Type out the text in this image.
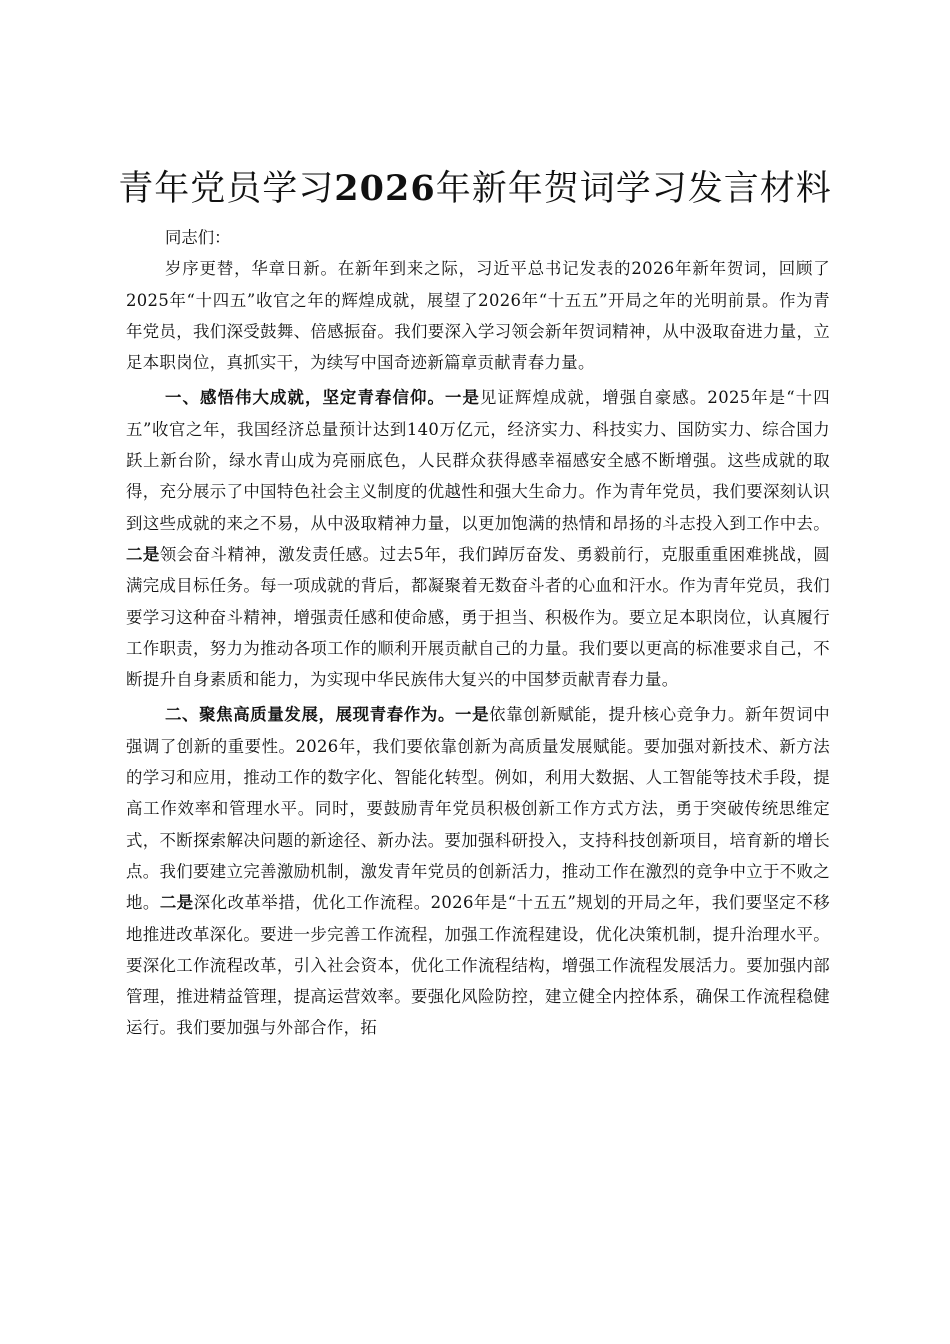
青年党员学习2026年新年贺词学习发言材料

同志们：

岁序更替，华章日新。在新年到来之际，习近平总书记发表的2026年新年贺词，回顾了2025年“十四五”收官之年的辉煌成就，展望了2026年“十五五”开局之年的光明前景。作为青年党员，我们深受鼓舞、倍感振奋。我们要深入学习领会新年贺词精神，从中汲取奋进力量，立足本职岗位，真抓实干，为续写中国奇迹新篇章贡献青春力量。

一、感悟伟大成就，坚定青春信仰。一是见证辉煌成就，增强自豪感。2025年是“十四五”收官之年，我国经济总量预计达到140万亿元，经济实力、科技实力、国防实力、综合国力跃上新台阶，绿水青山成为亮丽底色，人民群众获得感幸福感安全感不断增强。这些成就的取得，充分展示了中国特色社会主义制度的优越性和强大生命力。作为青年党员，我们要深刻认识到这些成就的来之不易，从中汲取精神力量，以更加饱满的热情和昂扬的斗志投入到工作中去。二是领会奋斗精神，激发责任感。过去5年，我们踔厉奋发、勇毅前行，克服重重困难挑战，圆满完成目标任务。每一项成就的背后，都凝聚着无数奋斗者的心血和汗水。作为青年党员，我们要学习这种奋斗精神，增强责任感和使命感，勇于担当、积极作为。要立足本职岗位，认真履行工作职责，努力为推动各项工作的顺利开展贡献自己的力量。我们要以更高的标准要求自己，不断提升自身素质和能力，为实现中华民族伟大复兴的中国梦贡献青春力量。

二、聚焦高质量发展，展现青春作为。一是依靠创新赋能，提升核心竞争力。新年贺词中强调了创新的重要性。2026年，我们要依靠创新为高质量发展赋能。要加强对新技术、新方法的学习和应用，推动工作的数字化、智能化转型。例如，利用大数据、人工智能等技术手段，提高工作效率和管理水平。同时，要鼓励青年党员积极创新工作方式方法，勇于突破传统思维定式，不断探索解决问题的新途径、新办法。要加强科研投入，支持科技创新项目，培育新的增长点。我们要建立完善激励机制，激发青年党员的创新活力，推动工作在激烈的竞争中立于不败之地。二是深化改革举措，优化工作流程。2026年是“十五五”规划的开局之年，我们要坚定不移地推进改革深化。要进一步完善工作流程，加强工作流程建设，优化决策机制，提升治理水平。要深化工作流程改革，引入社会资本，优化工作流程结构，增强工作流程发展活力。要加强内部管理，推进精益管理，提高运营效率。要强化风险防控，建立健全内控体系，确保工作流程稳健运行。我们要加强与外部合作，拓
